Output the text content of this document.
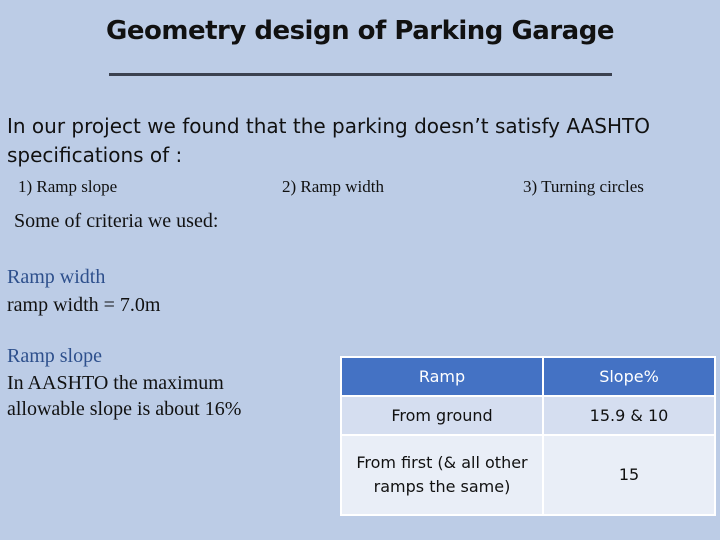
Geometry design of Parking Garage
In our project we found that the parking doesn’t satisfy AASHTO specifications of :
1) Ramp slope	2) Ramp width	3) Turning circles
Some of criteria we used:
Ramp width
ramp width = 7.0m
Ramp slope
In AASHTO the maximum allowable slope is about 16%
Ramp	Slope%
From ground	15.9 & 10
From first (& all other ramps the same)	15
